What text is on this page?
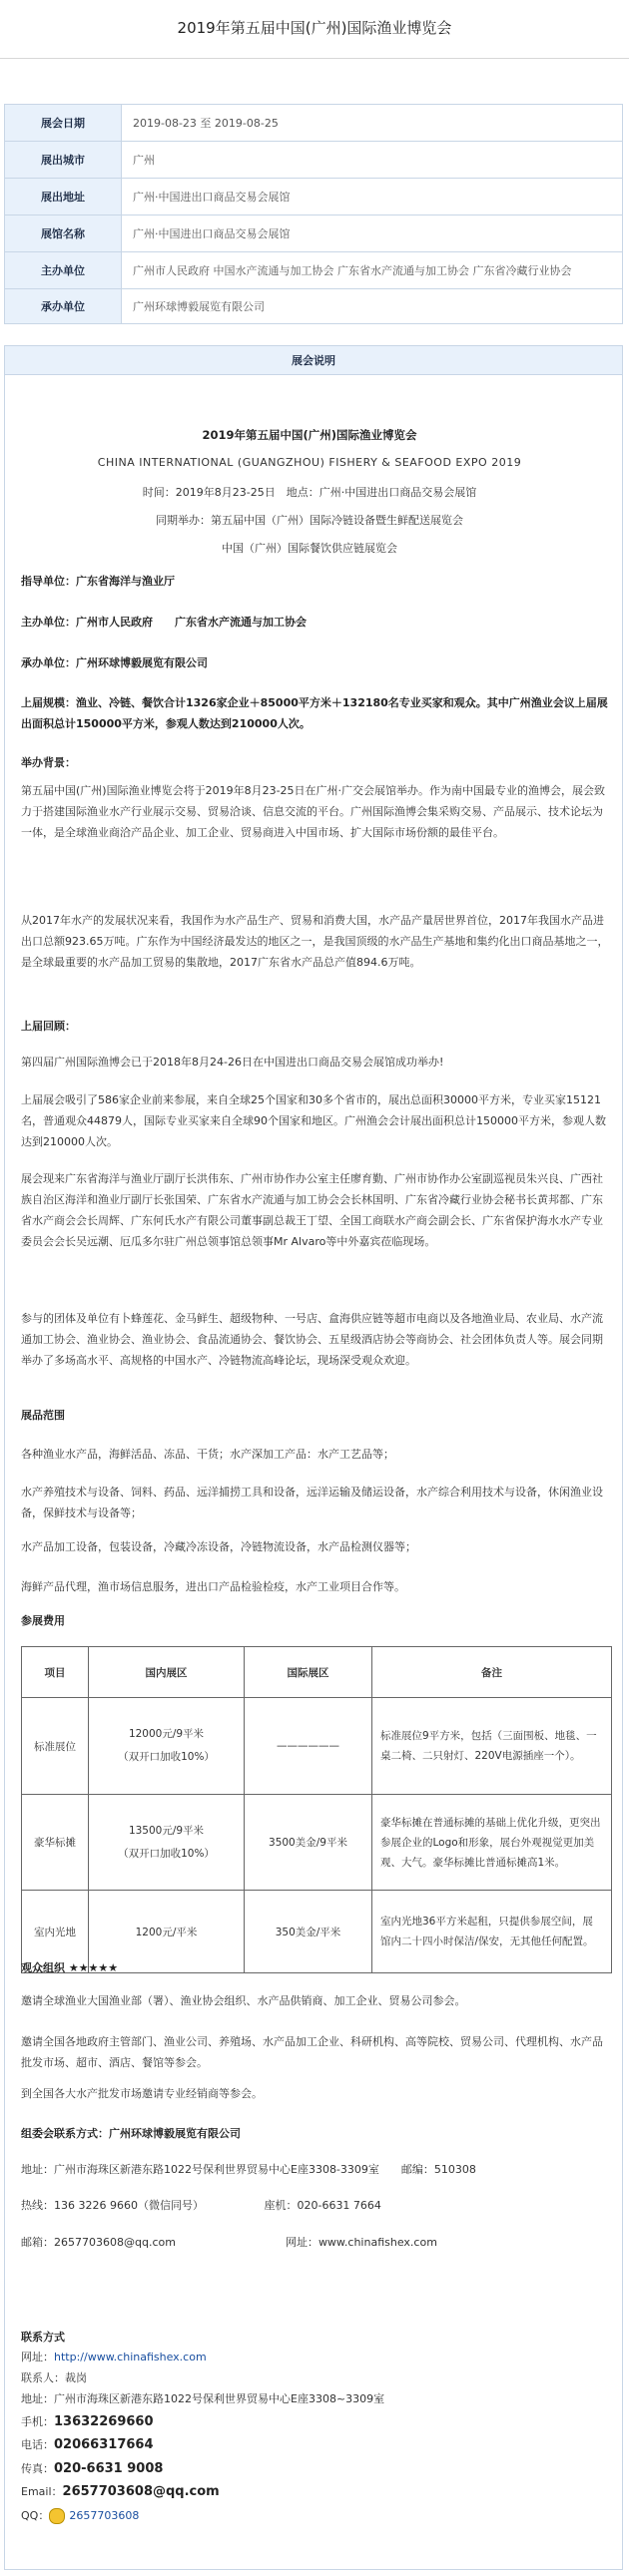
2019年第五届中国(广州)国际渔业博览会
展会日期	2019-08-23 至 2019-08-25
展出城市	广州
展出地址	广州·中国进出口商品交易会展馆
展馆名称	广州·中国进出口商品交易会展馆
主办单位	广州市人民政府 中国水产流通与加工协会 广东省水产流通与加工协会 广东省冷藏行业协会
承办单位	广州环球博毅展览有限公司
展会说明
2019年第五届中国(广州)国际渔业博览会
CHINA INTERNATIONAL (GUANGZHOU) FISHERY & SEAFOOD EXPO 2019
时间：2019年8月23-25日　地点：广州·中国进出口商品交易会展馆
同期举办：第五届中国（广州）国际冷链设备暨生鲜配送展览会
中国（广州）国际餐饮供应链展览会
指导单位：广东省海洋与渔业厅
主办单位：广州市人民政府　　广东省水产流通与加工协会
承办单位：广州环球博毅展览有限公司
上届规模：渔业、冷链、餐饮合计1326家企业＋85000平方米＋132180名专业买家和观众。其中广州渔业会议上届展出面积总计150000平方米，参观人数达到210000人次。
举办背景：
第五届中国(广州)国际渔业博览会将于2019年8月23-25日在广州·广交会展馆举办。作为南中国最专业的渔博会，展会致力于搭建国际渔业水产行业展示交易、贸易洽谈、信息交流的平台。广州国际渔博会集采购交易、产品展示、技术论坛为一体，是全球渔业商洽产品企业、加工企业、贸易商进入中国市场、扩大国际市场份额的最佳平台。
从2017年水产的发展状况来看，我国作为水产品生产、贸易和消费大国，水产品产量居世界首位，2017年我国水产品进出口总额923.65万吨。广东作为中国经济最发达的地区之一，是我国顶级的水产品生产基地和集约化出口商品基地之一，是全球最重要的水产品加工贸易的集散地，2017广东省水产品总产值894.6万吨。
上届回顾：
第四届广州国际渔博会已于2018年8月24-26日在中国进出口商品交易会展馆成功举办!
上届展会吸引了586家企业前来参展，来自全球25个国家和30多个省市的，展出总面积30000平方米，专业买家15121名，普通观众44879人，国际专业买家来自全球90个国家和地区。广州渔会会计展出面积总计150000平方米，参观人数达到210000人次。
展会现来广东省海洋与渔业厅副厅长洪伟东、广州市协作办公室主任廖育勤、广州市协作办公室副巡视员朱兴良、广西社族自治区海洋和渔业厅副厅长张国荣、广东省水产流通与加工协会会长林国明、广东省冷藏行业协会秘书长黄邦都、广东省水产商会会长周辉、广东何氏水产有限公司董事副总裁王丁望、全国工商联水产商会副会长、广东省保护海水水产专业委员会会长吴远潮、厄瓜多尔驻广州总领事馆总领事Mr Alvaro等中外嘉宾莅临现场。
参与的团体及单位有卜蜂莲花、金马鲜生、超级物种、一号店、盒海供应链等超市电商以及各地渔业局、农业局、水产流通加工协会、渔业协会、渔业协会、食品流通协会、餐饮协会、五星级酒店协会等商协会、社会团体负责人等。展会同期举办了多场高水平、高规格的中国水产、冷链物流高峰论坛，现场深受观众欢迎。
展品范围
各种渔业水产品，海鲜活品、冻品、干货；水产深加工产品：水产工艺品等；
水产养殖技术与设备、饲料、药品、远洋捕捞工具和设备，远洋运输及储运设备，水产综合利用技术与设备，休闲渔业设备，保鲜技术与设备等；
水产品加工设备，包装设备，冷藏冷冻设备，冷链物流设备，水产品检测仪器等；
海鲜产品代理，渔市场信息服务，进出口产品检验检疫，水产工业项目合作等。
参展费用
项目	国内展区	国际展区	备注
标准展位	12000元/9平米
（双开口加收10%）	——————	标准展位9平方米，包括（三面围板、地毯、一桌二椅、二只射灯、220V电源插座一个）。
豪华标摊	13500元/9平米
（双开口加收10%）	3500美金/9平米	豪华标摊在普通标摊的基础上优化升级，更突出参展企业的Logo和形象，展台外观视觉更加美观、大气。豪华标摊比普通标摊高1米。
室内光地	1200元/平米	350美金/平米	室内光地36平方米起租，只提供参展空间，展馆内二十四小时保洁/保安，无其他任何配置。
观众组织 ★★★★★
邀请全球渔业大国渔业部（署）、渔业协会组织、水产品供销商、加工企业、贸易公司参会。
邀请全国各地政府主管部门、渔业公司、养殖场、水产品加工企业、科研机构、高等院校、贸易公司、代理机构、水产品批发市场、超市、酒店、餐馆等参会。
到全国各大水产批发市场邀请专业经销商等参会。
组委会联系方式：广州环球博毅展览有限公司
地址：广州市海珠区新港东路1022号保利世界贸易中心E座3308-3309室　　邮编：510308
热线：136 3226 9660（微信同号）　　　　　　座机：020-6631 7664
邮箱：2657703608@qq.com　　　　　　　　　　网址：www.chinafishex.com
联系方式
网址：http://www.chinafishex.com
联系人：裁岗
地址：广州市海珠区新港东路1022号保利世界贸易中心E座3308~3309室
手机：13632269660
电话：02066317664
传真：020-6631 9008
Email：2657703608@qq.com
QQ： 2657703608
